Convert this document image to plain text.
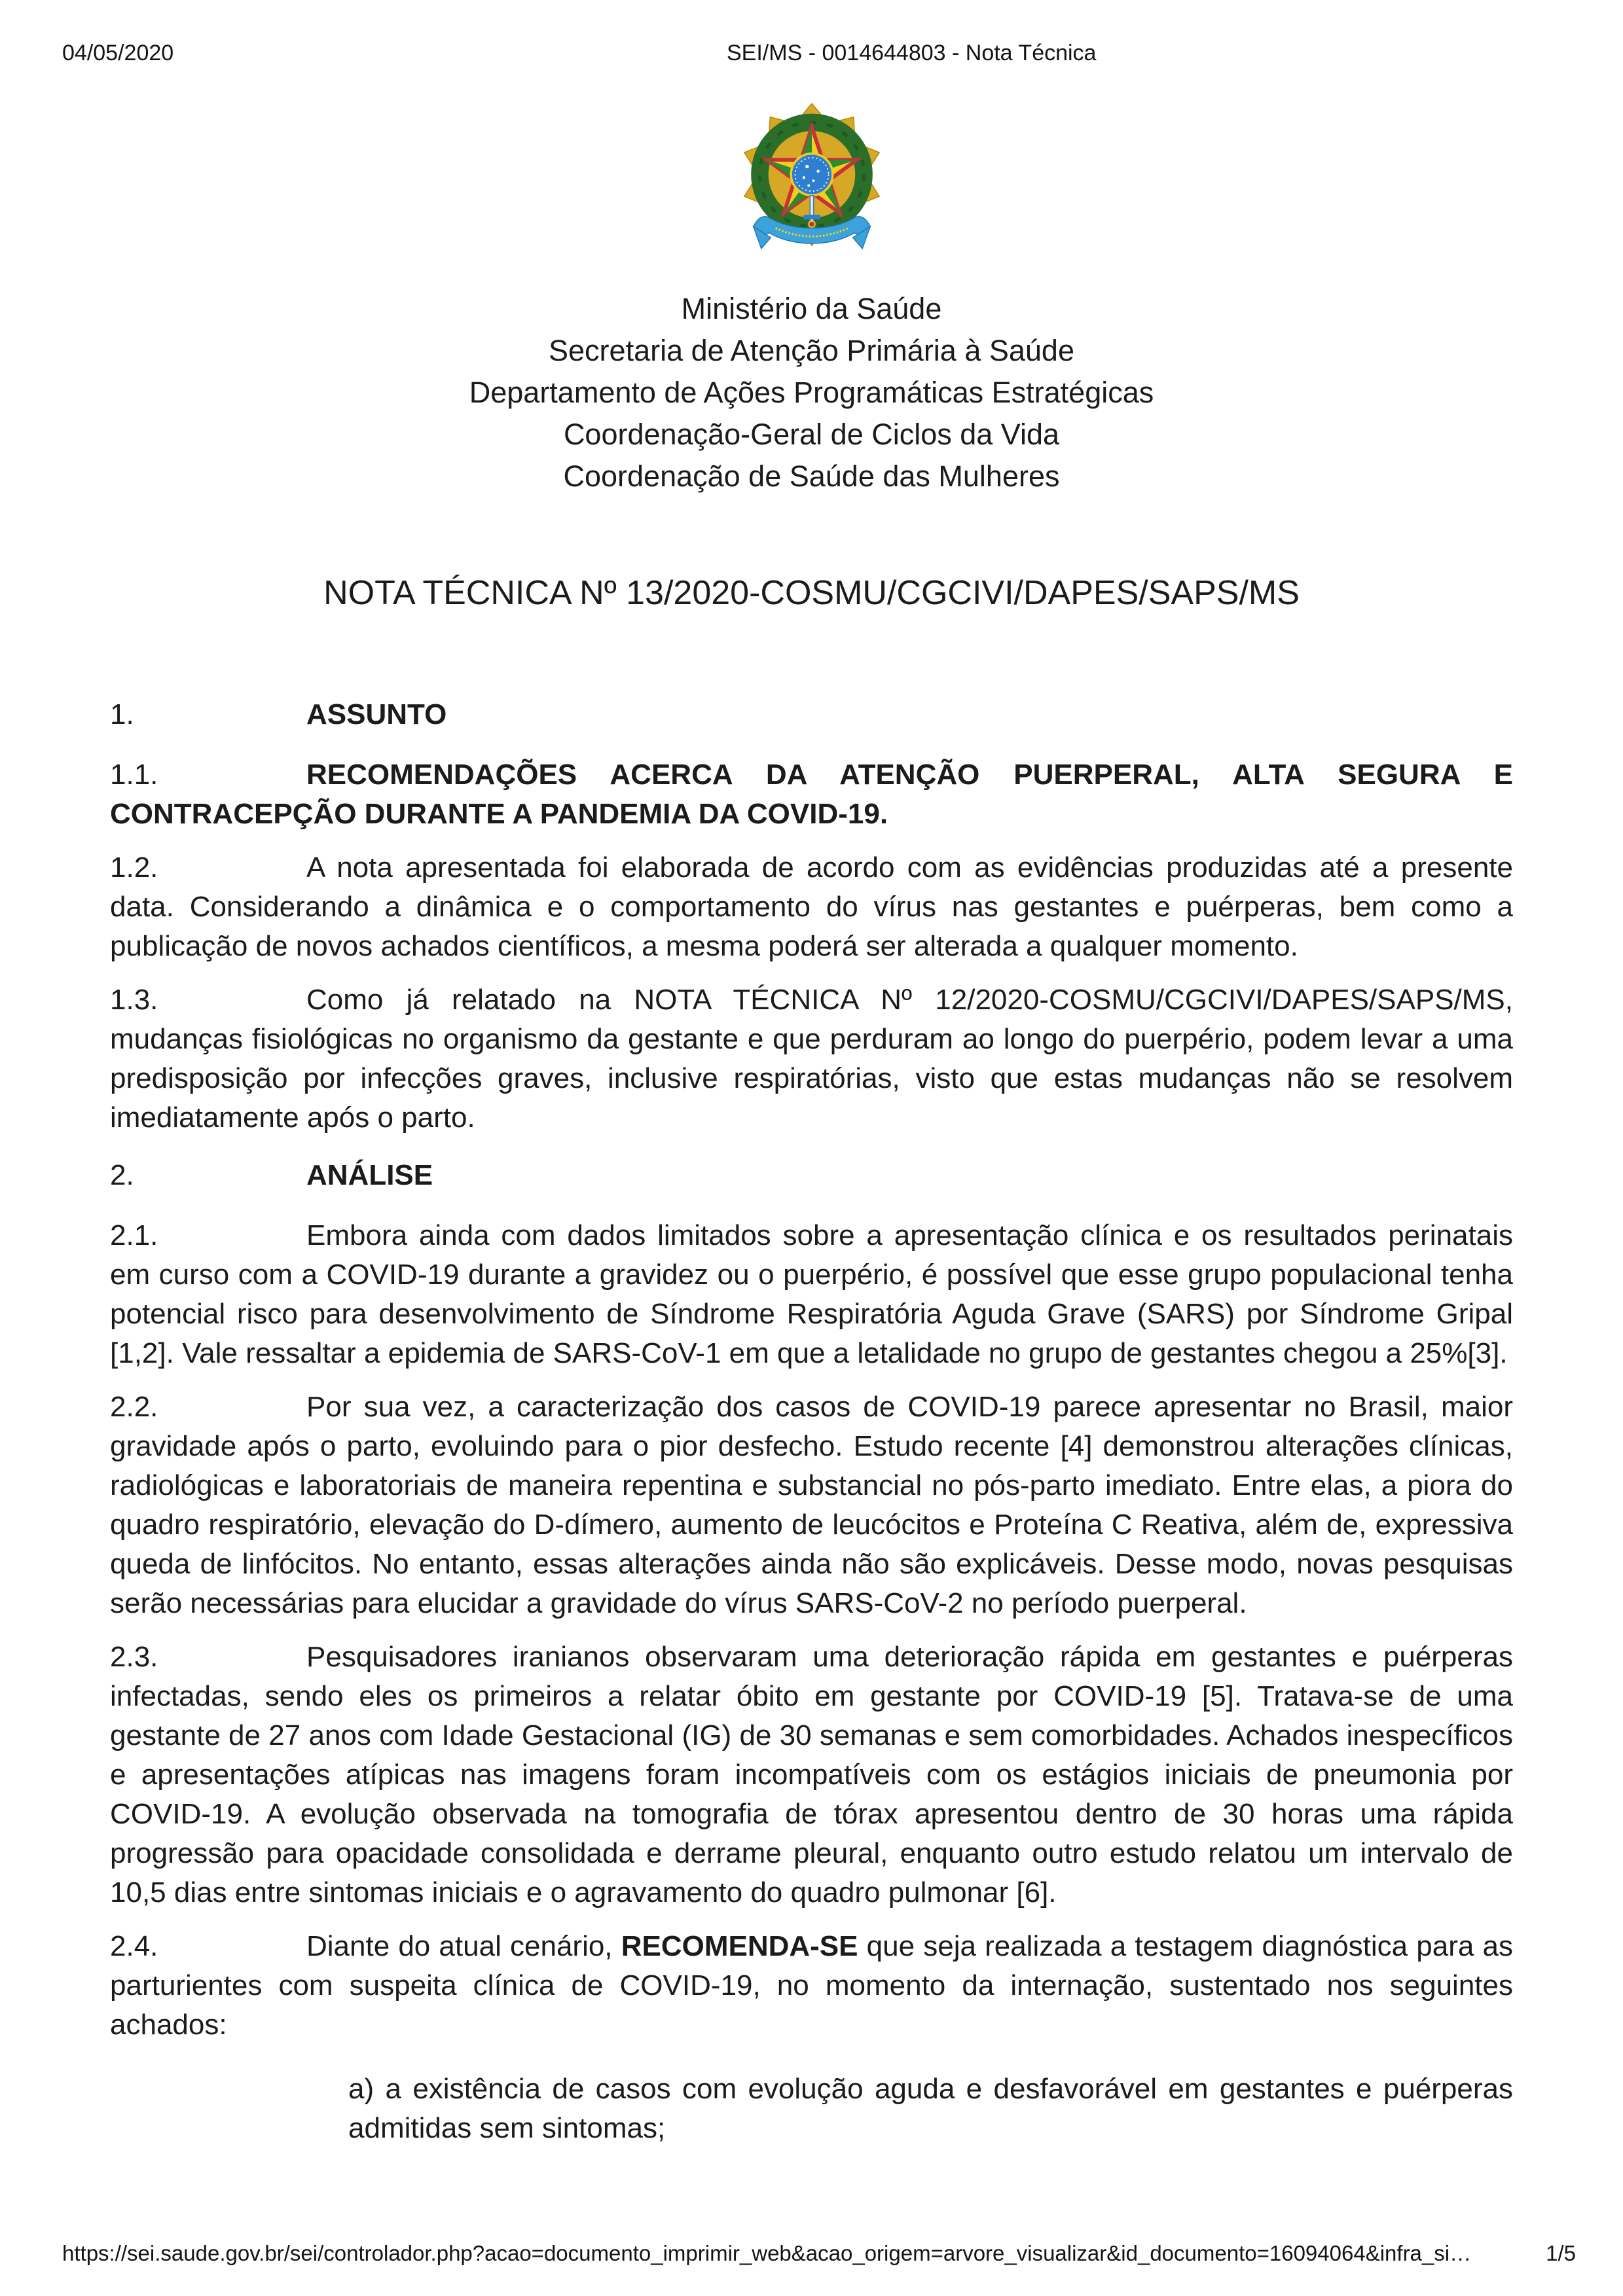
04/05/2020	SEI/MS - 0014644803 - Nota Técnica
Ministério da Saúde
Secretaria de Atenção Primária à Saúde
Departamento de Ações Programáticas Estratégicas
Coordenação-Geral de Ciclos da Vida
Coordenação de Saúde das Mulheres
NOTA TÉCNICA Nº 13/2020-COSMU/CGCIVI/DAPES/SAPS/MS
1.	ASSUNTO
1.1.	RECOMENDAÇÕES ACERCA DA ATENÇÃO PUERPERAL, ALTA SEGURA E CONTRACEPÇÃO DURANTE A PANDEMIA DA COVID-19.
1.2.	A nota apresentada foi elaborada de acordo com as evidências produzidas até a presente data. Considerando a dinâmica e o comportamento do vírus nas gestantes e puérperas, bem como a publicação de novos achados científicos, a mesma poderá ser alterada a qualquer momento.
1.3.	Como já relatado na NOTA TÉCNICA Nº 12/2020-COSMU/CGCIVI/DAPES/SAPS/MS, mudanças fisiológicas no organismo da gestante e que perduram ao longo do puerpério, podem levar a uma predisposição por infecções graves, inclusive respiratórias, visto que estas mudanças não se resolvem imediatamente após o parto.
2.	ANÁLISE
2.1.	Embora ainda com dados limitados sobre a apresentação clínica e os resultados perinatais em curso com a COVID-19 durante a gravidez ou o puerpério, é possível que esse grupo populacional tenha potencial risco para desenvolvimento de Síndrome Respiratória Aguda Grave (SARS) por Síndrome Gripal [1,2]. Vale ressaltar a epidemia de SARS-CoV-1 em que a letalidade no grupo de gestantes chegou a 25%[3].
2.2.	Por sua vez, a caracterização dos casos de COVID-19 parece apresentar no Brasil, maior gravidade após o parto, evoluindo para o pior desfecho. Estudo recente [4] demonstrou alterações clínicas, radiológicas e laboratoriais de maneira repentina e substancial no pós-parto imediato. Entre elas, a piora do quadro respiratório, elevação do D-dímero, aumento de leucócitos e Proteína C Reativa, além de, expressiva queda de linfócitos. No entanto, essas alterações ainda não são explicáveis. Desse modo, novas pesquisas serão necessárias para elucidar a gravidade do vírus SARS-CoV-2 no período puerperal.
2.3.	Pesquisadores iranianos observaram uma deterioração rápida em gestantes e puérperas infectadas, sendo eles os primeiros a relatar óbito em gestante por COVID-19 [5]. Tratava-se de uma gestante de 27 anos com Idade Gestacional (IG) de 30 semanas e sem comorbidades. Achados inespecíficos e apresentações atípicas nas imagens foram incompatíveis com os estágios iniciais de pneumonia por COVID-19. A evolução observada na tomografia de tórax apresentou dentro de 30 horas uma rápida progressão para opacidade consolidada e derrame pleural, enquanto outro estudo relatou um intervalo de 10,5 dias entre sintomas iniciais e o agravamento do quadro pulmonar [6].
2.4.	Diante do atual cenário, RECOMENDA-SE que seja realizada a testagem diagnóstica para as parturientes com suspeita clínica de COVID-19, no momento da internação, sustentado nos seguintes achados:
a) a existência de casos com evolução aguda e desfavorável em gestantes e puérperas admitidas sem sintomas;
https://sei.saude.gov.br/sei/controlador.php?acao=documento_imprimir_web&acao_origem=arvore_visualizar&id_documento=16094064&infra_si…	1/5
